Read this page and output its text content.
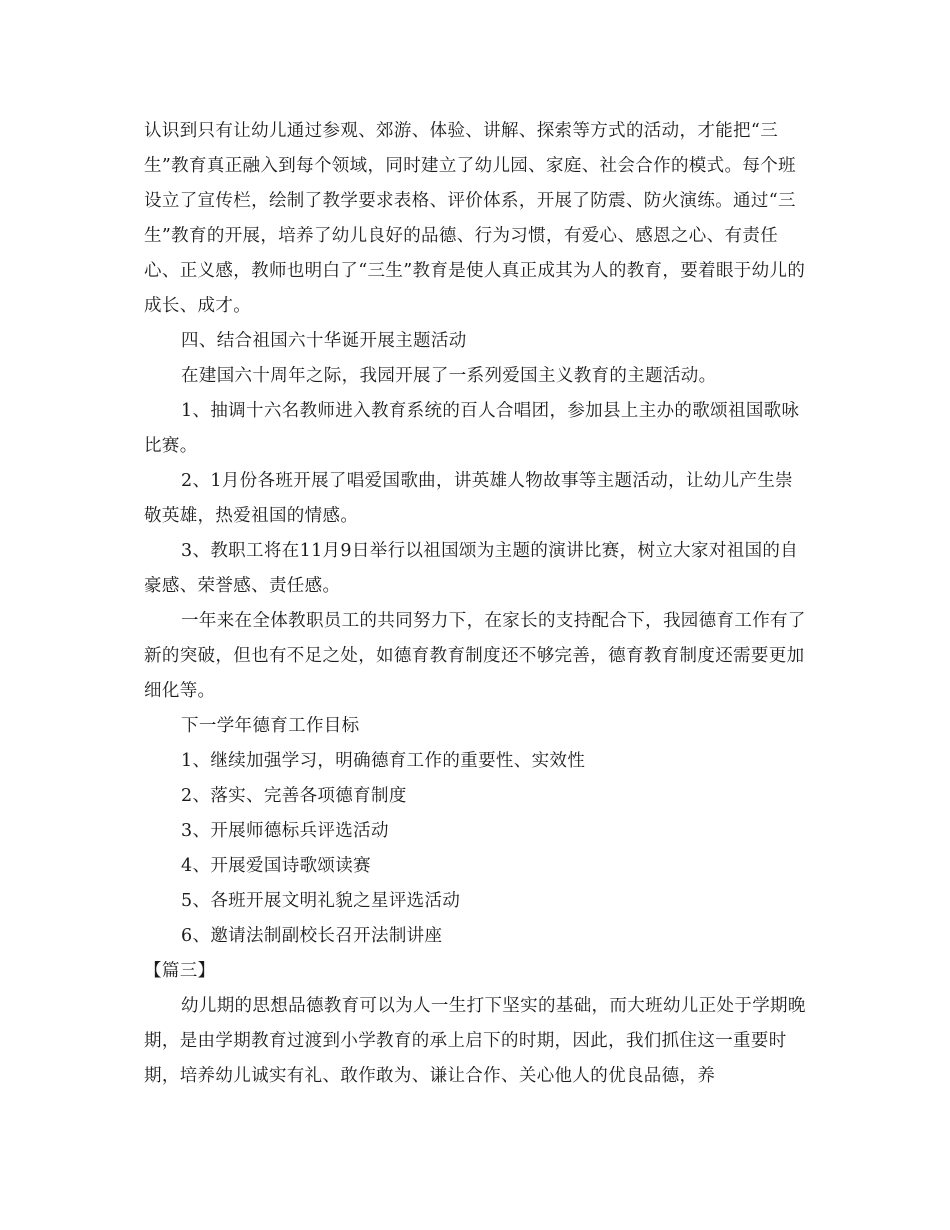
认识到只有让幼儿通过参观、郊游、体验、讲解、探索等方式的活动，才能把“三生”教育真正融入到每个领域，同时建立了幼儿园、家庭、社会合作的模式。每个班设立了宣传栏，绘制了教学要求表格、评价体系，开展了防震、防火演练。通过“三生”教育的开展，培养了幼儿良好的品德、行为习惯，有爱心、感恩之心、有责任心、正义感，教师也明白了“三生”教育是使人真正成其为人的教育，要着眼于幼儿的成长、成才。

四、结合祖国六十华诞开展主题活动

在建国六十周年之际，我园开展了一系列爱国主义教育的主题活动。

1、抽调十六名教师进入教育系统的百人合唱团，参加县上主办的歌颂祖国歌咏比赛。

2、1月份各班开展了唱爱国歌曲，讲英雄人物故事等主题活动，让幼儿产生崇敬英雄，热爱祖国的情感。

3、教职工将在11月9日举行以祖国颂为主题的演讲比赛，树立大家对祖国的自豪感、荣誉感、责任感。

一年来在全体教职员工的共同努力下，在家长的支持配合下，我园德育工作有了新的突破，但也有不足之处，如德育教育制度还不够完善，德育教育制度还需要更加细化等。

下一学年德育工作目标

1、继续加强学习，明确德育工作的重要性、实效性

2、落实、完善各项德育制度

3、开展师德标兵评选活动

4、开展爱国诗歌颂读赛

5、各班开展文明礼貌之星评选活动

6、邀请法制副校长召开法制讲座

【篇三】

幼儿期的思想品德教育可以为人一生打下坚实的基础，而大班幼儿正处于学期晚期，是由学期教育过渡到小学教育的承上启下的时期，因此，我们抓住这一重要时期，培养幼儿诚实有礼、敢作敢为、谦让合作、关心他人的优良品德，养
